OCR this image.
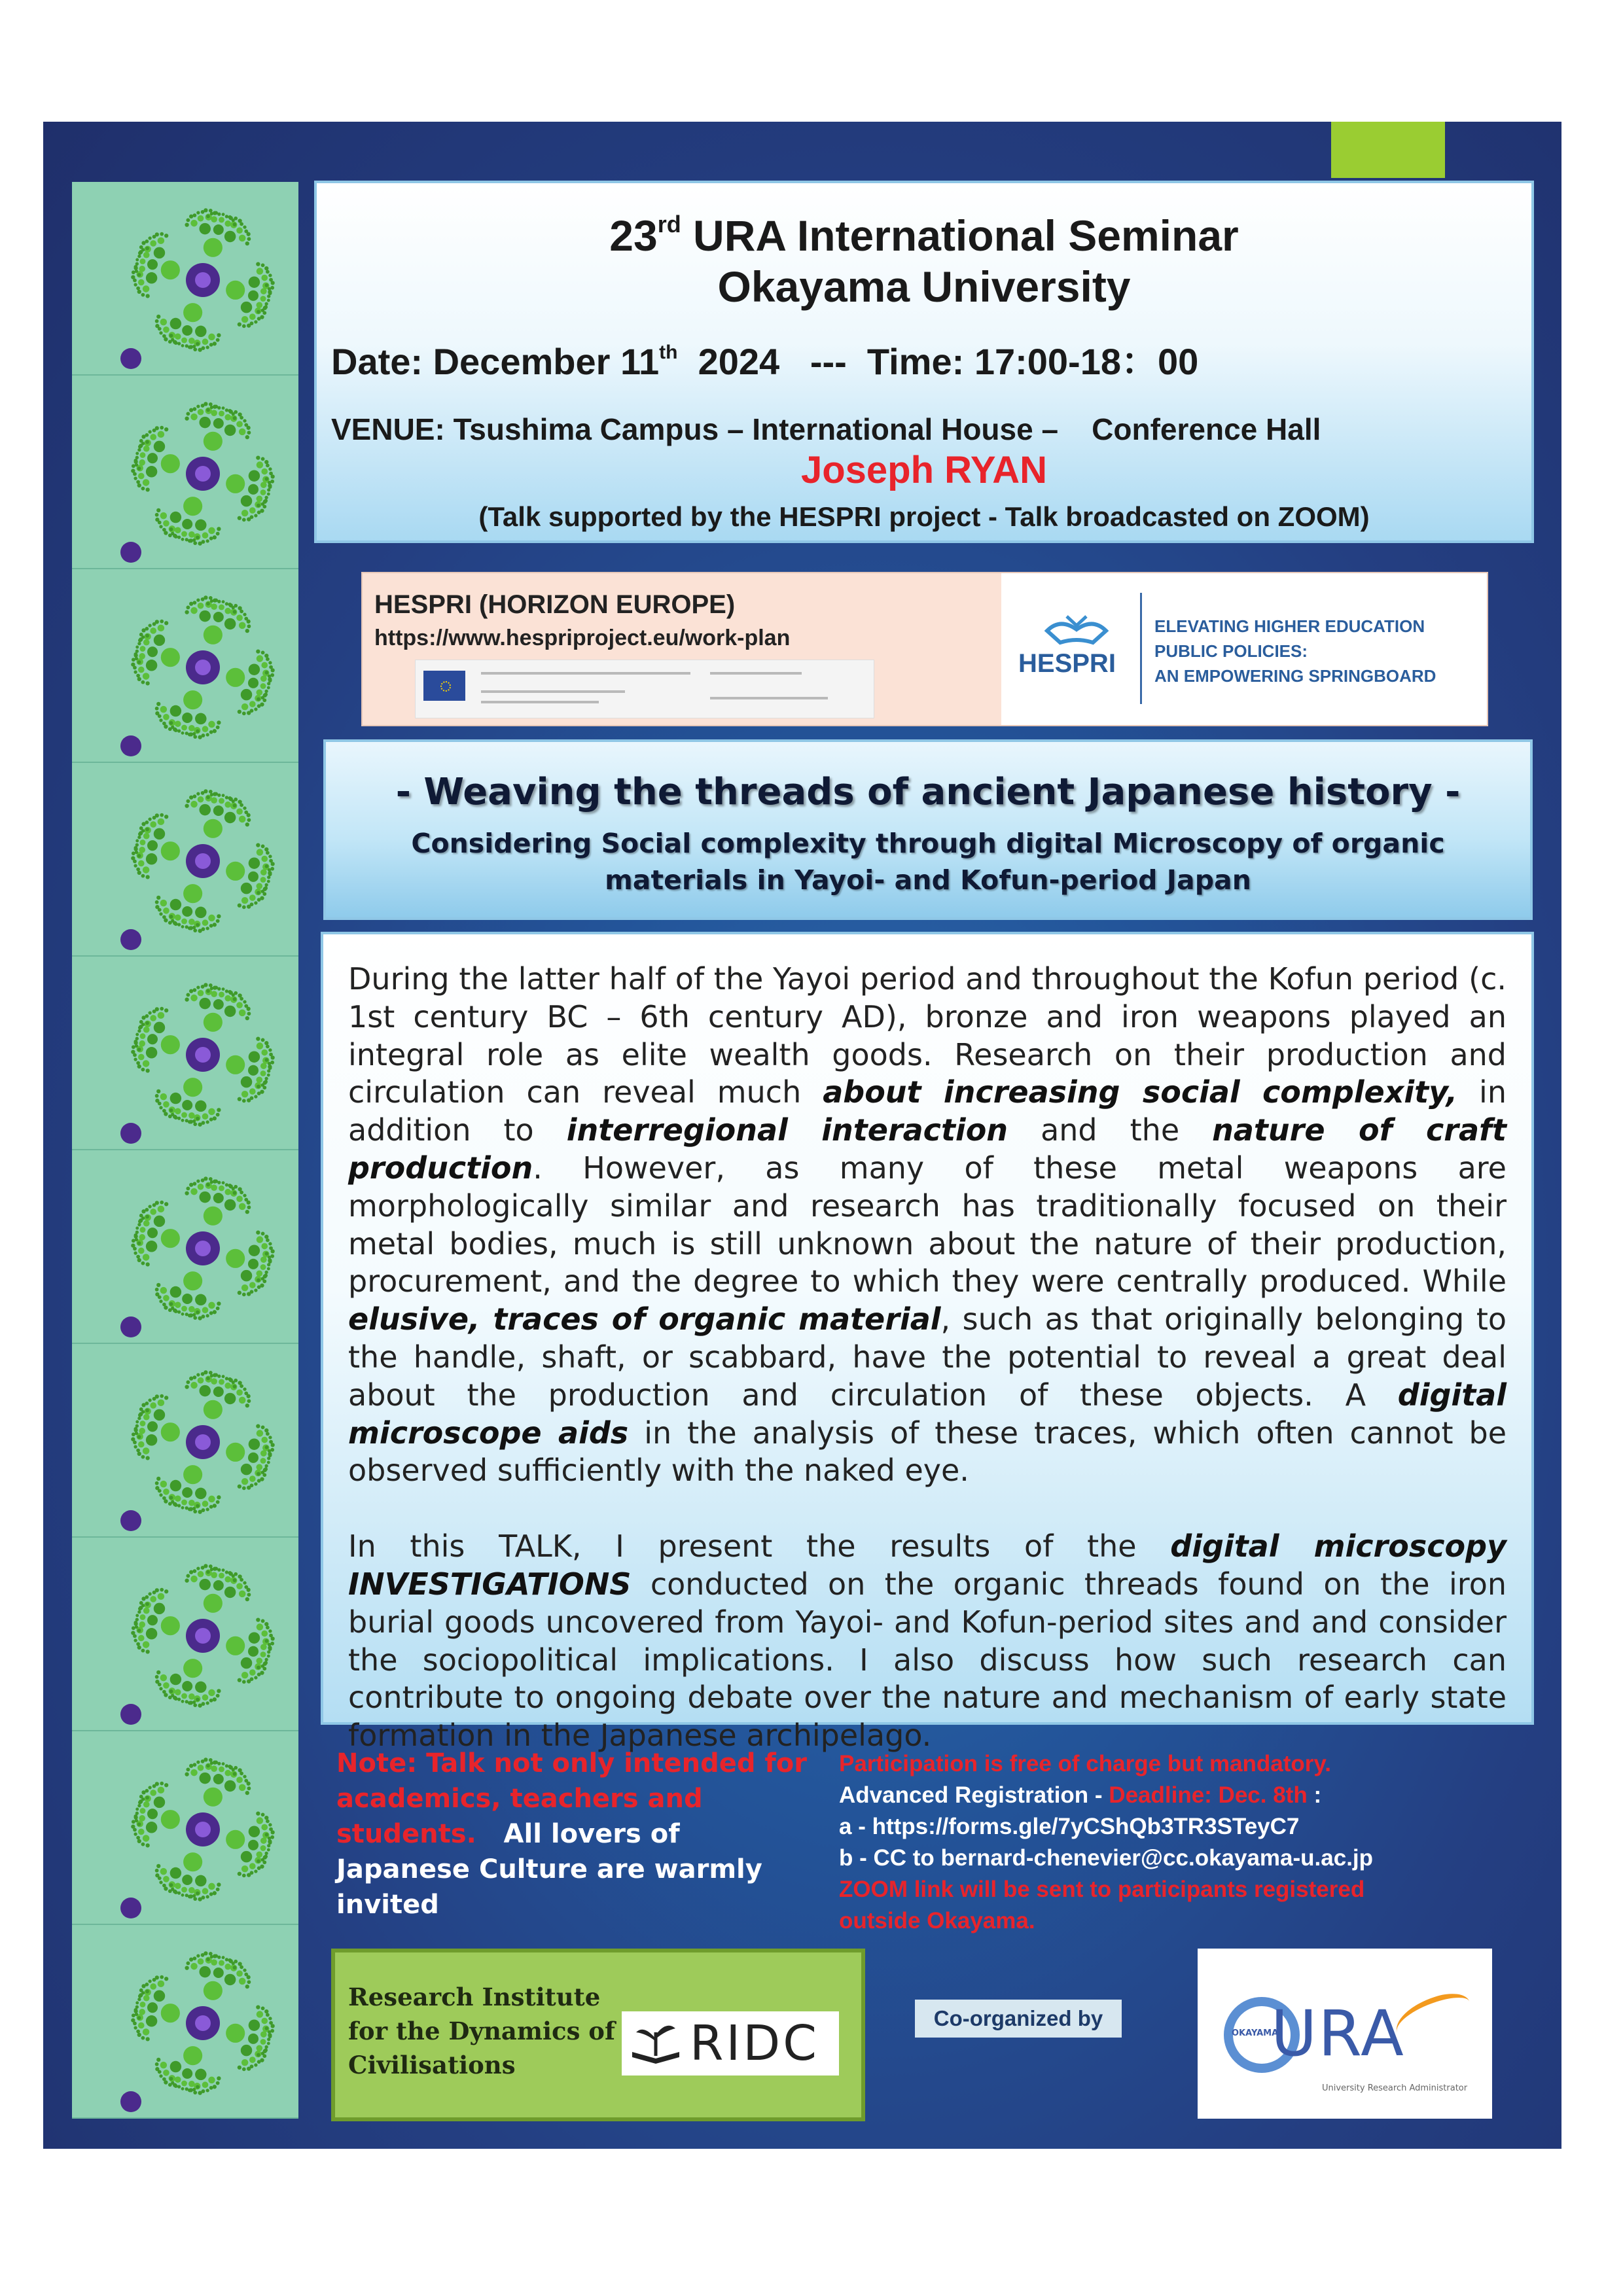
23rd URA International Seminar
Okayama University
Date: December 11th  2024   ---  Time: 17:00-18：00
VENUE: Tsushima Campus – International House –    Conference Hall
Joseph RYAN
(Talk supported by the HESPRI project - Talk broadcasted on ZOOM)
HESPRI (HORIZON EUROPE)
https://www.hespriproject.eu/work-plan
HESPRI
ELEVATING HIGHER EDUCATION
PUBLIC POLICIES:
AN EMPOWERING SPRINGBOARD
- Weaving the threads of ancient Japanese history -
Considering Social complexity through digital Microscopy of organic
materials in Yayoi- and Kofun-period Japan

During the latter half of the Yayoi period and throughout the Kofun period (c. 1st century BC – 6th century AD), bronze and iron weapons played an integral role as elite wealth goods. Research on their production and circulation can reveal much about increasing social complexity, in addition to interregional interaction and the nature of craft production. However, as many of these metal weapons are morphologically similar and research has traditionally focused on their metal bodies, much is still unknown about the nature of their production, procurement, and the degree to which they were centrally produced. While elusive, traces of organic material, such as that originally belonging to the handle, shaft, or scabbard, have the potential to reveal a great deal about the production and circulation of these objects. A digital microscope aids in the analysis of these traces, which often cannot be observed sufficiently with the naked eye.

In this TALK, I present the results of the digital microscopy INVESTIGATIONS conducted on the organic threads found on the iron burial goods uncovered from Yayoi- and Kofun-period sites and and consider the sociopolitical implications. I also discuss how such research can contribute to ongoing debate over the nature and mechanism of early state formation in the Japanese archipelago.

Note: Talk not only intended for academics, teachers and students.   All lovers of Japanese Culture are warmly invited
Participation is free of charge but mandatory.
Advanced Registration - Deadline: Dec. 8th :
a - https://forms.gle/7yCShQb3TR3STeyC7
b - CC to bernard-chenevier@cc.okayama-u.ac.jp
ZOOM link will be sent to participants registered
outside Okayama.
Research Institute
for the Dynamics of
Civilisations	RIDC	Co-organized by
OKAYAMA
URA
University Research Administrator
